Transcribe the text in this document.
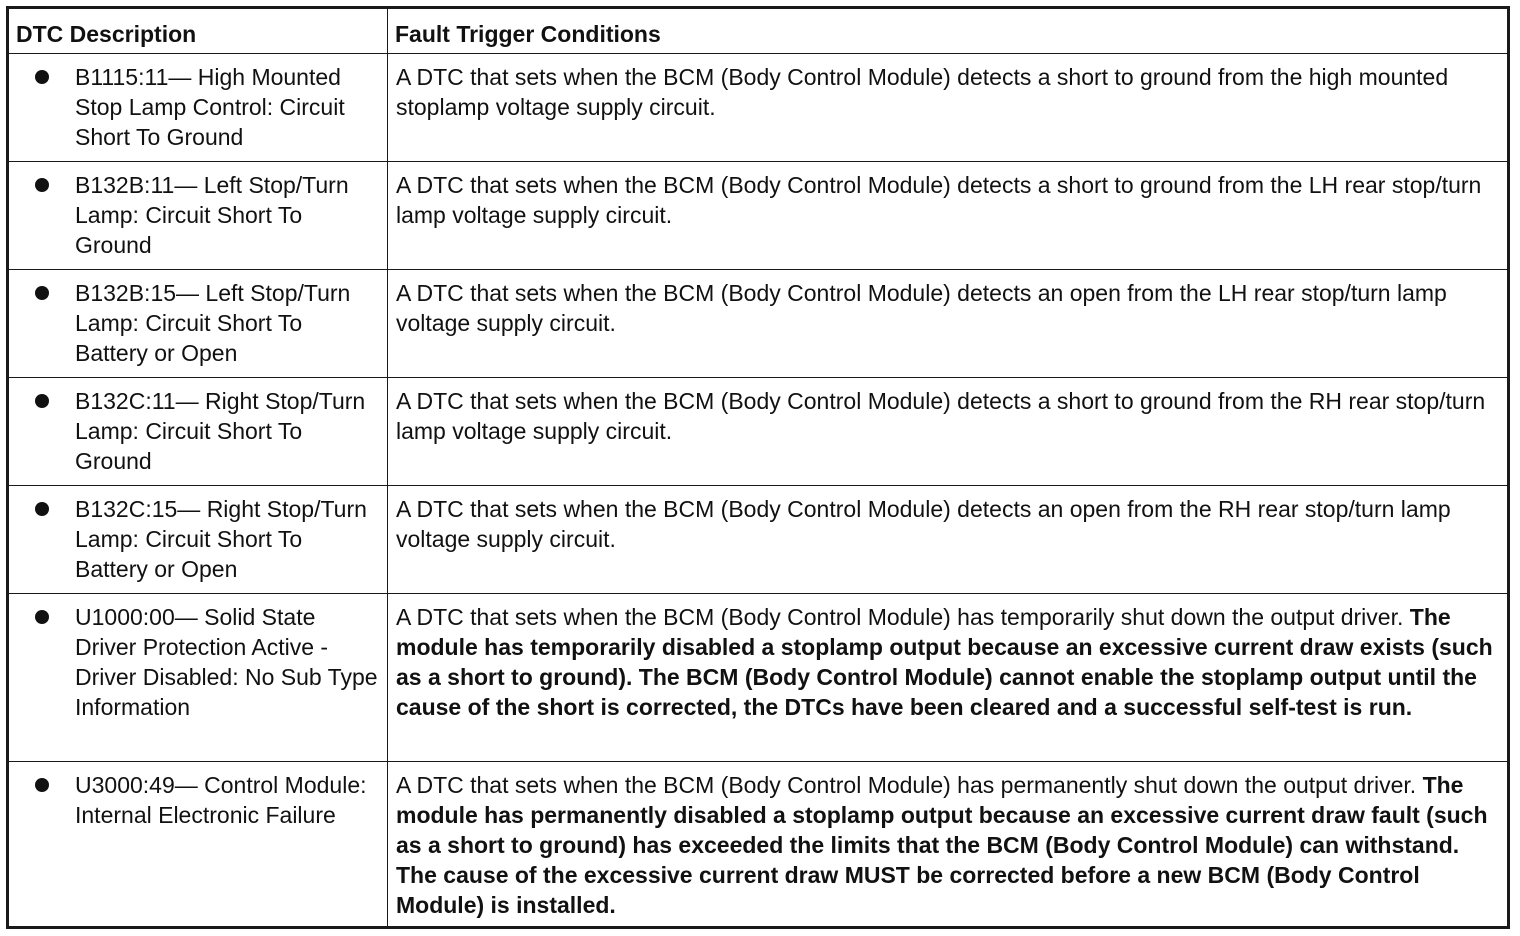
DTC Description	Fault Trigger Conditions

B1115:11— High Mounted Stop Lamp Control: Circuit Short To Ground	A DTC that sets when the BCM (Body Control Module) detects a short to ground from the high mounted stoplamp voltage supply circuit.

B132B:11— Left Stop/Turn Lamp: Circuit Short To Ground	A DTC that sets when the BCM (Body Control Module) detects a short to ground from the LH rear stop/turn lamp voltage supply circuit.

B132B:15— Left Stop/Turn Lamp: Circuit Short To Battery or Open	A DTC that sets when the BCM (Body Control Module) detects an open from the LH rear stop/turn lamp voltage supply circuit.

B132C:11— Right Stop/Turn Lamp: Circuit Short To Ground	A DTC that sets when the BCM (Body Control Module) detects a short to ground from the RH rear stop/turn lamp voltage supply circuit.

B132C:15— Right Stop/Turn Lamp: Circuit Short To Battery or Open	A DTC that sets when the BCM (Body Control Module) detects an open from the RH rear stop/turn lamp voltage supply circuit.

U1000:00— Solid State Driver Protection Active - Driver Disabled: No Sub Type Information	A DTC that sets when the BCM (Body Control Module) has temporarily shut down the output driver. The module has temporarily disabled a stoplamp output because an excessive current draw exists (such as a short to ground). The BCM (Body Control Module) cannot enable the stoplamp output until the cause of the short is corrected, the DTCs have been cleared and a successful self-test is run.

U3000:49— Control Module: Internal Electronic Failure	A DTC that sets when the BCM (Body Control Module) has permanently shut down the output driver. The module has permanently disabled a stoplamp output because an excessive current draw fault (such as a short to ground) has exceeded the limits that the BCM (Body Control Module) can withstand. The cause of the excessive current draw MUST be corrected before a new BCM (Body Control Module) is installed.
